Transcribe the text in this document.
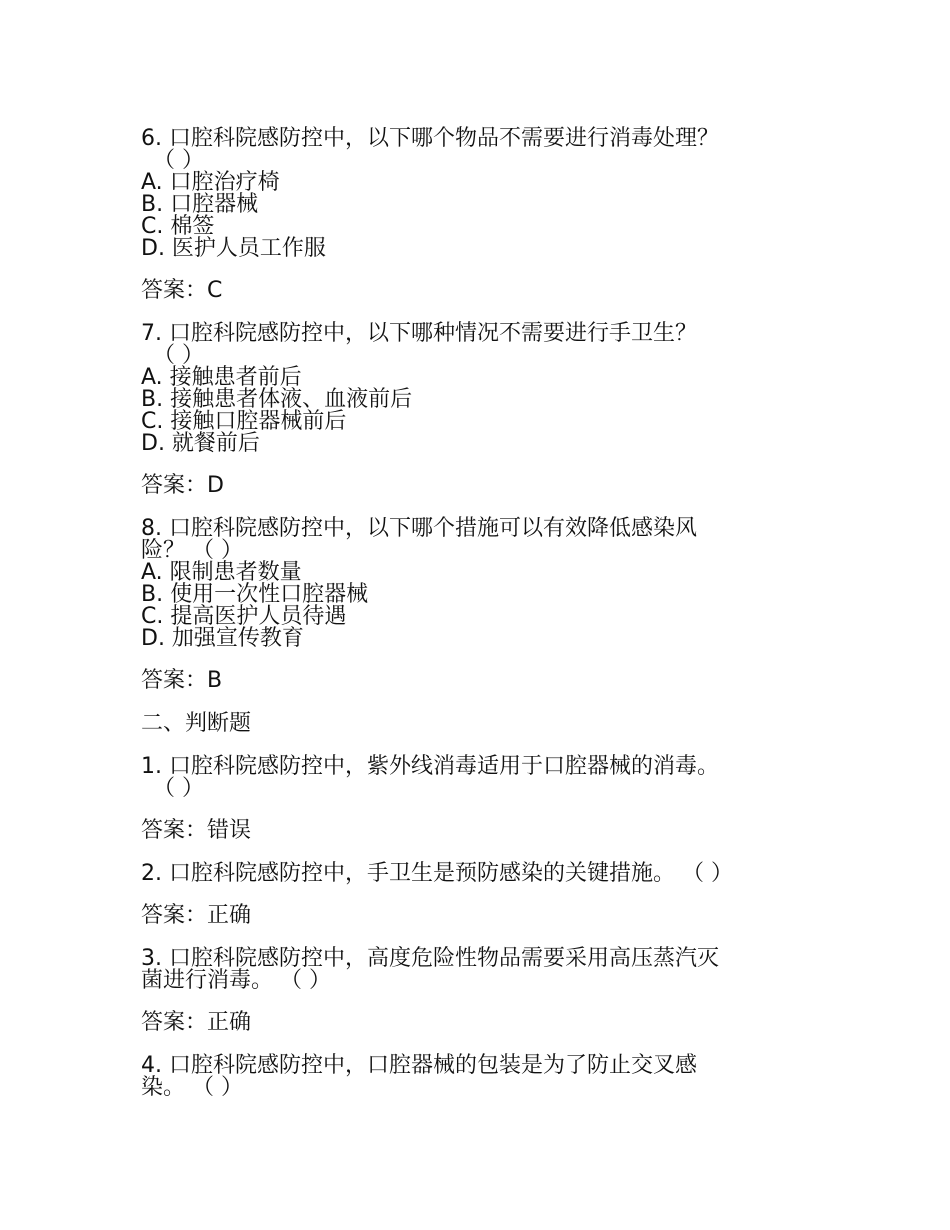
6. 口腔科院感防控中，以下哪个物品不需要进行消毒处理？
（ ）
A. 口腔治疗椅
B. 口腔器械
C. 棉签
D. 医护人员工作服
答案：C
7. 口腔科院感防控中，以下哪种情况不需要进行手卫生？
（ ）
A. 接触患者前后
B. 接触患者体液、血液前后
C. 接触口腔器械前后
D. 就餐前后
答案：D
8. 口腔科院感防控中，以下哪个措施可以有效降低感染风
险？ （ ）
A. 限制患者数量
B. 使用一次性口腔器械
C. 提高医护人员待遇
D. 加强宣传教育
答案：B
二、判断题
1. 口腔科院感防控中，紫外线消毒适用于口腔器械的消毒。
（ ）
答案：错误
2. 口腔科院感防控中，手卫生是预防感染的关键措施。 （ ）
答案：正确
3. 口腔科院感防控中，高度危险性物品需要采用高压蒸汽灭
菌进行消毒。 （ ）
答案：正确
4. 口腔科院感防控中，口腔器械的包装是为了防止交叉感
染。 （ ）
